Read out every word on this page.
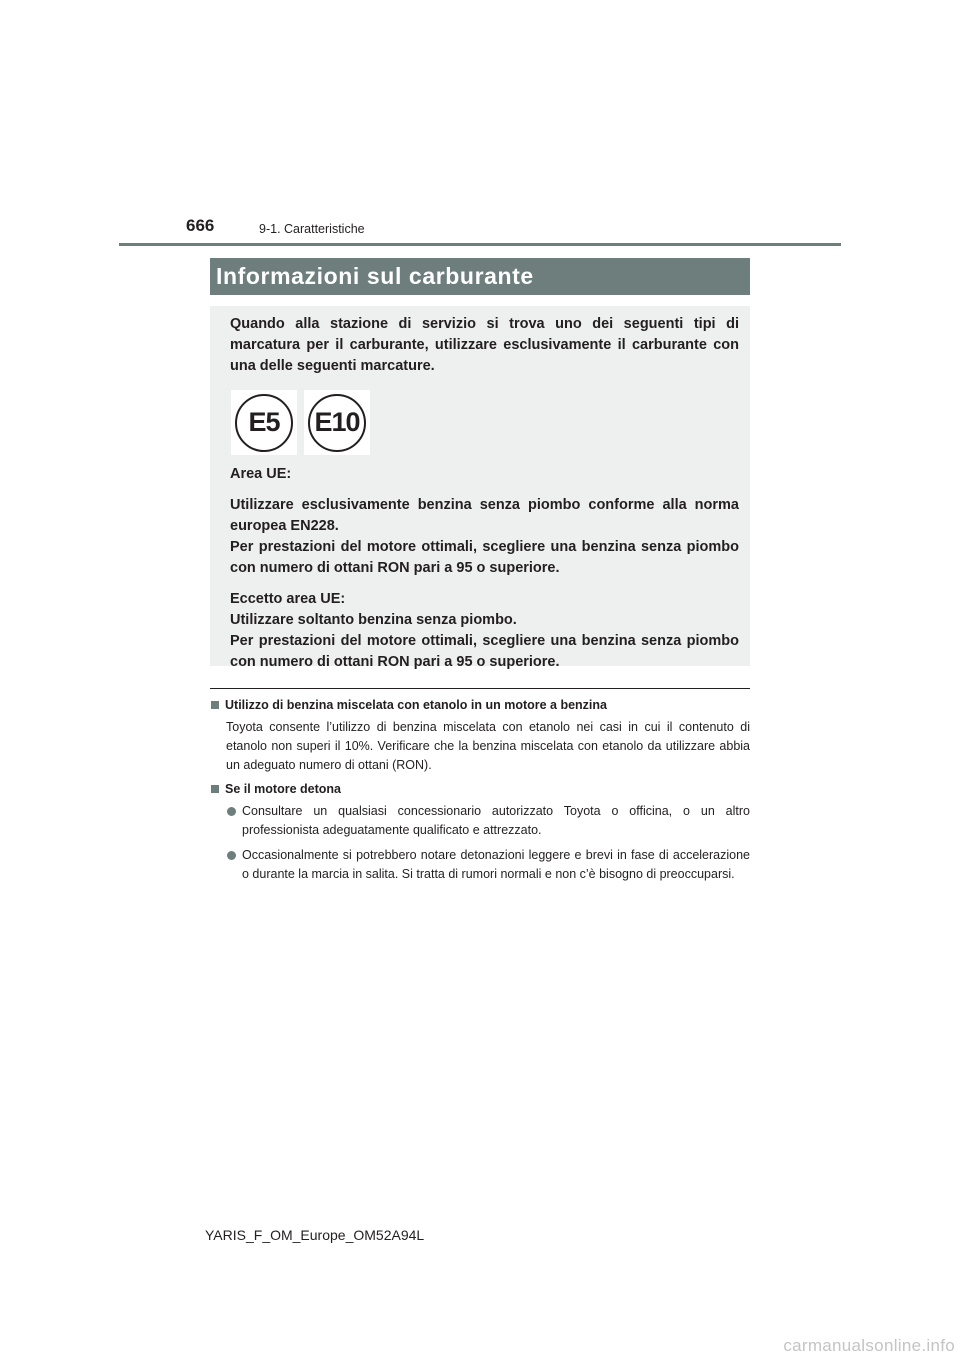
666	9-1. Caratteristiche
Informazioni sul carburante

Quando alla stazione di servizio si trova uno dei seguenti tipi di marcatura per il carburante, utilizzare esclusivamente il carburante con una delle seguenti marcature.

E5	E10

Area UE:

Utilizzare esclusivamente benzina senza piombo conforme alla norma europea EN228.

Per prestazioni del motore ottimali, scegliere una benzina senza piombo con numero di ottani RON pari a 95 o superiore.

Eccetto area UE:

Utilizzare soltanto benzina senza piombo.

Per prestazioni del motore ottimali, scegliere una benzina senza piombo con numero di ottani RON pari a 95 o superiore.

Utilizzo di benzina miscelata con etanolo in un motore a benzina

Toyota consente l’utilizzo di benzina miscelata con etanolo nei casi in cui il contenuto di etanolo non superi il 10%. Verificare che la benzina miscelata con etanolo da utilizzare abbia un adeguato numero di ottani (RON).

Se il motore detona
Consultare un qualsiasi concessionario autorizzato Toyota o officina, o un altro professionista adeguatamente qualificato e attrezzato.
Occasionalmente si potrebbero notare detonazioni leggere e brevi in fase di accelerazione o durante la marcia in salita. Si tratta di rumori normali e non c’è bisogno di preoccuparsi.
YARIS_F_OM_Europe_OM52A94L
carmanualsonline.info
